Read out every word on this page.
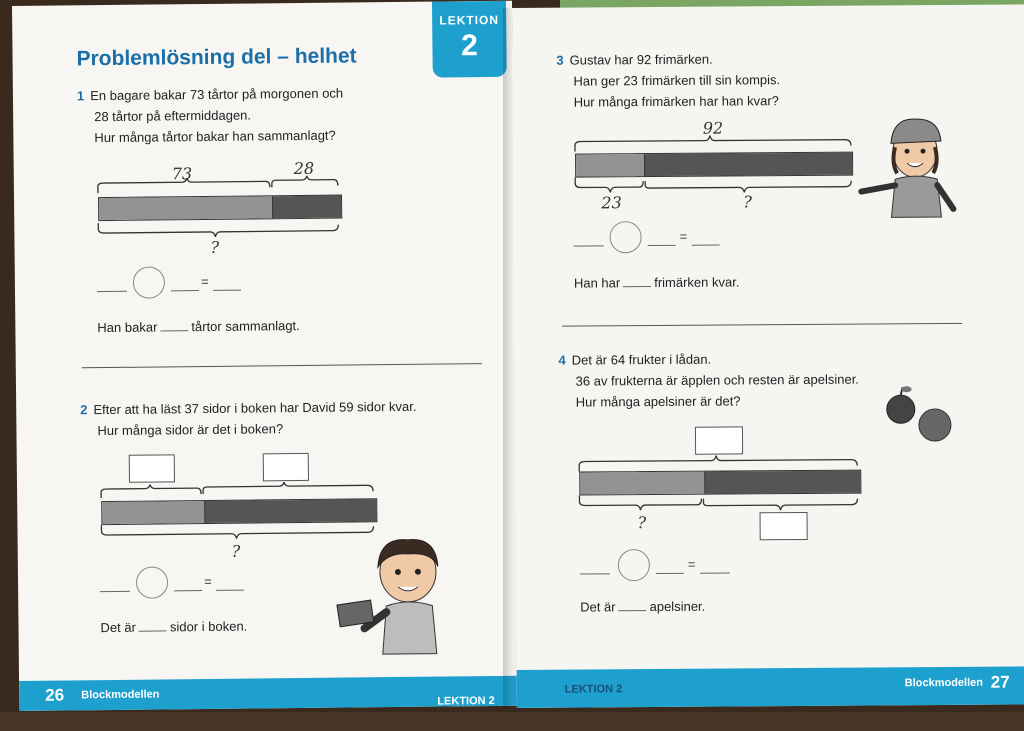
Problemlösning del – helhet
1 En bagare bakar 73 tårtor på morgonen och
28 tårtor på eftermiddagen.
Hur många tårtor bakar han sammanlagt?
73	28
?
=
Han bakar	tårtor sammanlagt.
2 Efter att ha läst 37 sidor i boken har David 59 sidor kvar.
Hur många sidor är det i boken?
?
=
Det är	sidor i boken.
26 Blockmodellen	LEKTION 2
LEKTION
2	3 Gustav har 92 frimärken.
Han ger 23 frimärken till sin kompis.
Hur många frimärken har han kvar?
92
23	?
=
Han har	frimärken kvar.
4 Det är 64 frukter i lådan.
36 av frukterna är äpplen och resten är apelsiner.
Hur många apelsiner är det?
?
=
Det är	apelsiner.
LEKTION 2
Blockmodellen 27
